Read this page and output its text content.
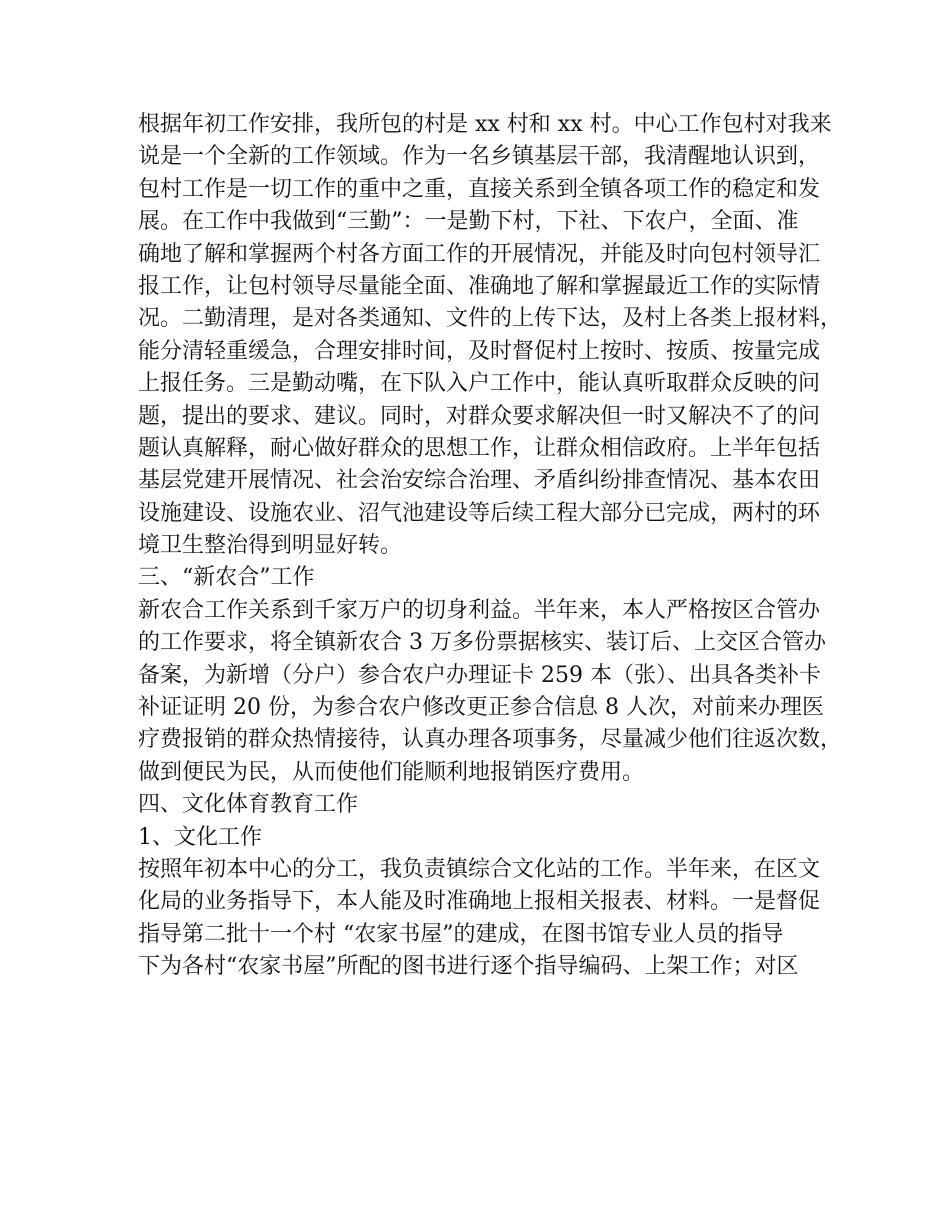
根据年初工作安排，我所包的村是 xx 村和 xx 村。中心工作包村对我来
说是一个全新的工作领域。作为一名乡镇基层干部，我清醒地认识到，
包村工作是一切工作的重中之重，直接关系到全镇各项工作的稳定和发
展。在工作中我做到“三勤”：一是勤下村，下社、下农户，全面、准
确地了解和掌握两个村各方面工作的开展情况，并能及时向包村领导汇
报工作，让包村领导尽量能全面、准确地了解和掌握最近工作的实际情
况。二勤清理，是对各类通知、文件的上传下达，及村上各类上报材料，
能分清轻重缓急，合理安排时间，及时督促村上按时、按质、按量完成
上报任务。三是勤动嘴，在下队入户工作中，能认真听取群众反映的问
题，提出的要求、建议。同时，对群众要求解决但一时又解决不了的问
题认真解释，耐心做好群众的思想工作，让群众相信政府。上半年包括
基层党建开展情况、社会治安综合治理、矛盾纠纷排查情况、基本农田
设施建设、设施农业、沼气池建设等后续工程大部分已完成，两村的环
境卫生整治得到明显好转。
三、“新农合”工作
新农合工作关系到千家万户的切身利益。半年来，本人严格按区合管办
的工作要求，将全镇新农合 3 万多份票据核实、装订后、上交区合管办
备案，为新增（分户）参合农户办理证卡 259 本（张）、出具各类补卡
补证证明 20 份，为参合农户修改更正参合信息 8 人次，对前来办理医
疗费报销的群众热情接待，认真办理各项事务，尽量减少他们往返次数，
做到便民为民，从而使他们能顺利地报销医疗费用。
四、文化体育教育工作
1、文化工作
按照年初本中心的分工，我负责镇综合文化站的工作。半年来，在区文
化局的业务指导下，本人能及时准确地上报相关报表、材料。一是督促
指导第二批十一个村 “农家书屋”的建成，在图书馆专业人员的指导
下为各村“农家书屋”所配的图书进行逐个指导编码、上架工作；对区
